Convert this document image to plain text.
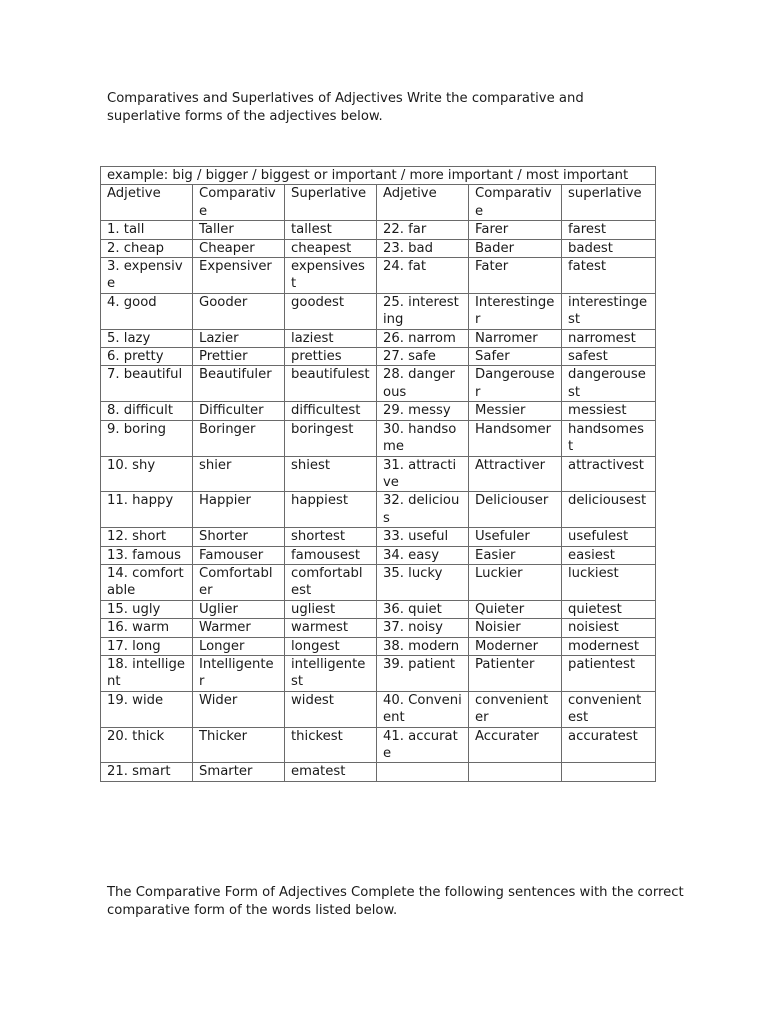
Comparatives and Superlatives of Adjectives Write the comparative and superlative forms of the adjectives below.
example: big / bigger / biggest or important / more important / most important					
Adjetive	Comparative	Superlative	Adjetive	Comparative	superlative
1. tall	Taller	tallest	22. far	Farer	farest
2. cheap	Cheaper	cheapest	23. bad	Bader	badest
3. expensive	Expensiver	expensivest	24. fat	Fater	fatest
4. good	Gooder	goodest	25. interesting	Interestinger	interestingest
5. lazy	Lazier	laziest	26. narrom	Narromer	narromest
6. pretty	Prettier	pretties	27. safe	Safer	safest
7. beautiful	Beautifuler	beautifulest	28. dangerous	Dangerouser	dangerousest
8. difficult	Difficulter	difficultest	29. messy	Messier	messiest
9. boring	Boringer	boringest	30. handsome	Handsomer	handsomest
10. shy	shier	shiest	31. attractive	Attractiver	attractivest
11. happy	Happier	happiest	32. delicious	Deliciouser	deliciousest
12. short	Shorter	shortest	33. useful	Usefuler	usefulest
13. famous	Famouser	famousest	34. easy	Easier	easiest
14. comfortable	Comfortabler	comfortablest	35. lucky	Luckier	luckiest
15. ugly	Uglier	ugliest	36. quiet	Quieter	quietest
16. warm	Warmer	warmest	37. noisy	Noisier	noisiest
17. long	Longer	longest	38. modern	Moderner	modernest
18. intelligent	Intelligenter	intelligentest	39. patient	Patienter	patientest
19. wide	Wider	widest	40. Convenient	convenienter	convenientest
20. thick	Thicker	thickest	41. accurate	Accurater	accuratest
21. smart	Smarter	ematest			
The Comparative Form of Adjectives Complete the following sentences with the correct comparative form of the words listed below.
